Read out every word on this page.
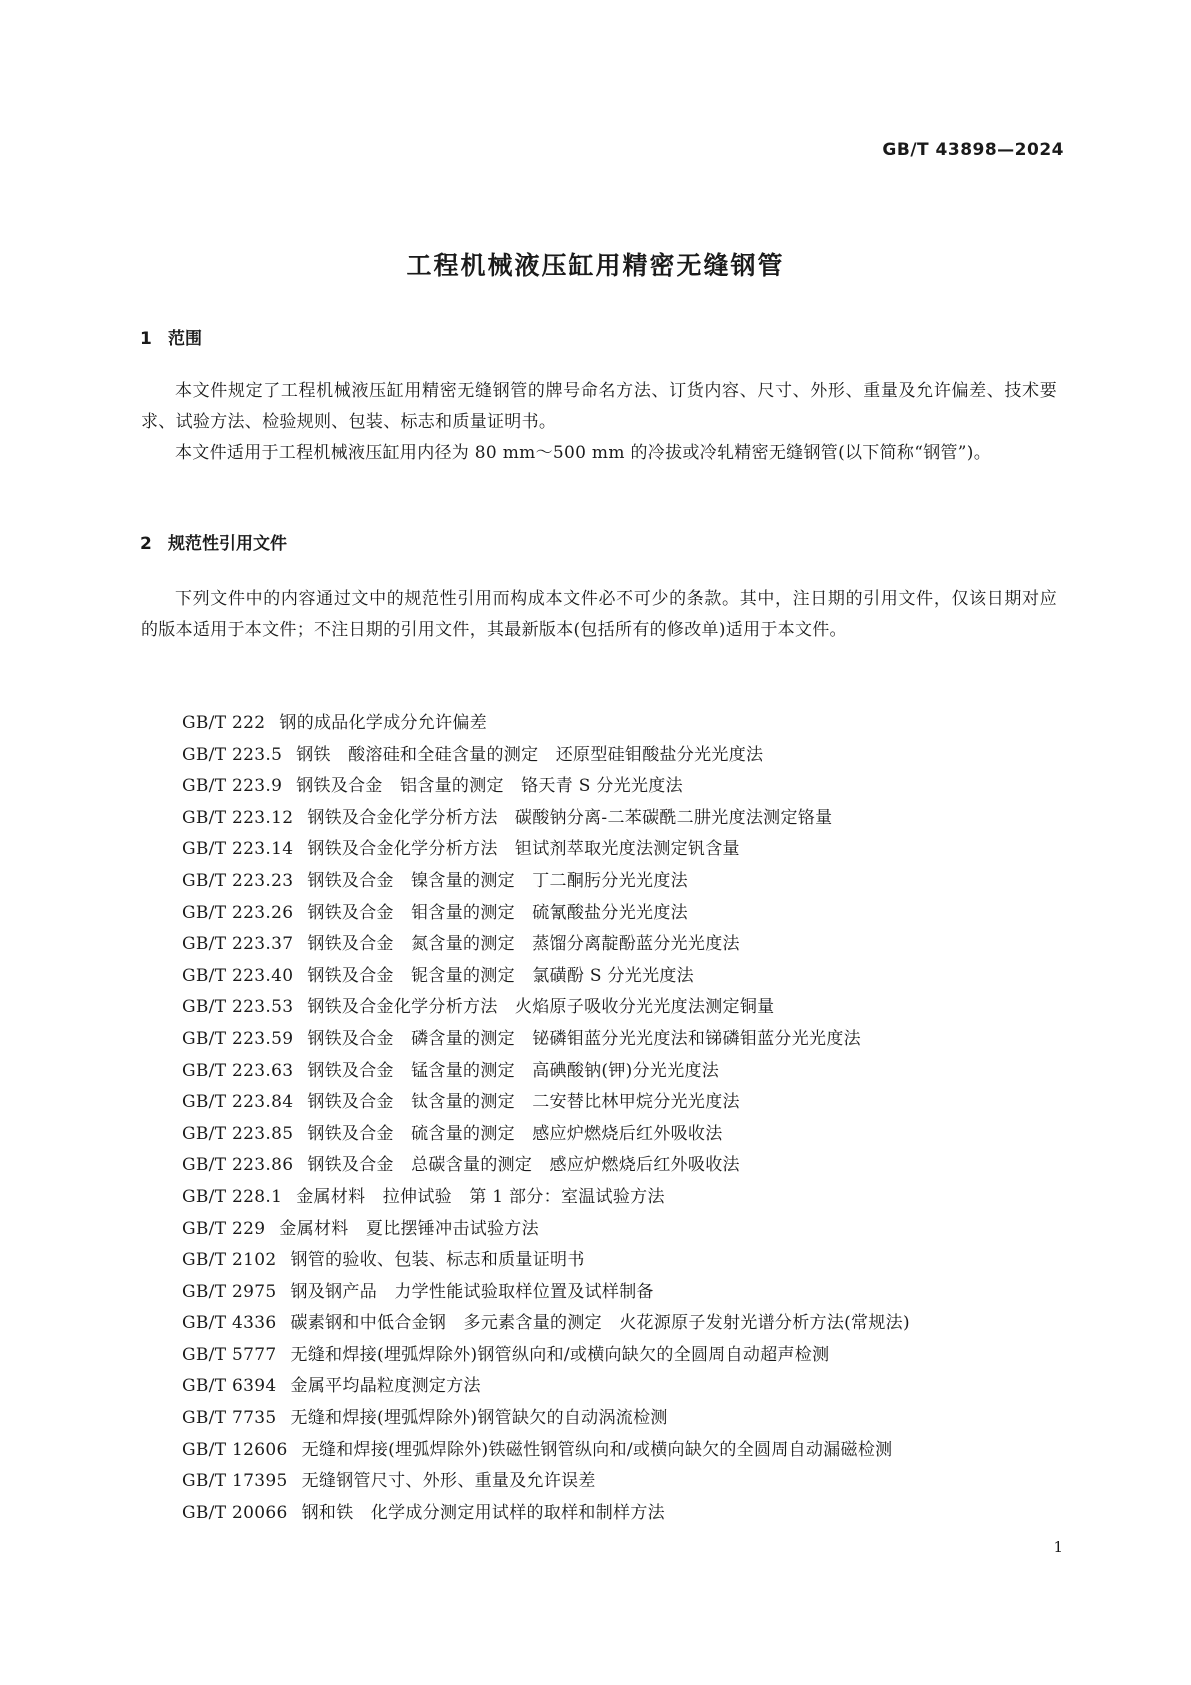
GB/T 43898—2024
工程机械液压缸用精密无缝钢管
1 范围

本文件规定了工程机械液压缸用精密无缝钢管的牌号命名方法、订货内容、尺寸、外形、重量及允许偏差、技术要求、试验方法、检验规则、包装、标志和质量证明书。

本文件适用于工程机械液压缸用内径为 80 mm～500 mm 的冷拔或冷轧精密无缝钢管(以下简称“钢管”)。

2 规范性引用文件

下列文件中的内容通过文中的规范性引用而构成本文件必不可少的条款。其中，注日期的引用文件，仅该日期对应的版本适用于本文件；不注日期的引用文件，其最新版本(包括所有的修改单)适用于本文件。

GB/T 222 钢的成品化学成分允许偏差
GB/T 223.5 钢铁　酸溶硅和全硅含量的测定　还原型硅钼酸盐分光光度法
GB/T 223.9 钢铁及合金　铝含量的测定　铬天青 S 分光光度法
GB/T 223.12 钢铁及合金化学分析方法　碳酸钠分离-二苯碳酰二肼光度法测定铬量
GB/T 223.14 钢铁及合金化学分析方法　钽试剂萃取光度法测定钒含量
GB/T 223.23 钢铁及合金　镍含量的测定　丁二酮肟分光光度法
GB/T 223.26 钢铁及合金　钼含量的测定　硫氰酸盐分光光度法
GB/T 223.37 钢铁及合金　氮含量的测定　蒸馏分离靛酚蓝分光光度法
GB/T 223.40 钢铁及合金　铌含量的测定　氯磺酚 S 分光光度法
GB/T 223.53 钢铁及合金化学分析方法　火焰原子吸收分光光度法测定铜量
GB/T 223.59 钢铁及合金　磷含量的测定　铋磷钼蓝分光光度法和锑磷钼蓝分光光度法
GB/T 223.63 钢铁及合金　锰含量的测定　高碘酸钠(钾)分光光度法
GB/T 223.84 钢铁及合金　钛含量的测定　二安替比林甲烷分光光度法
GB/T 223.85 钢铁及合金　硫含量的测定　感应炉燃烧后红外吸收法
GB/T 223.86 钢铁及合金　总碳含量的测定　感应炉燃烧后红外吸收法
GB/T 228.1 金属材料　拉伸试验　第 1 部分：室温试验方法
GB/T 229 金属材料　夏比摆锤冲击试验方法
GB/T 2102 钢管的验收、包装、标志和质量证明书
GB/T 2975 钢及钢产品　力学性能试验取样位置及试样制备
GB/T 4336 碳素钢和中低合金钢　多元素含量的测定　火花源原子发射光谱分析方法(常规法)
GB/T 5777 无缝和焊接(埋弧焊除外)钢管纵向和/或横向缺欠的全圆周自动超声检测
GB/T 6394 金属平均晶粒度测定方法
GB/T 7735 无缝和焊接(埋弧焊除外)钢管缺欠的自动涡流检测
GB/T 12606 无缝和焊接(埋弧焊除外)铁磁性钢管纵向和/或横向缺欠的全圆周自动漏磁检测
GB/T 17395 无缝钢管尺寸、外形、重量及允许误差
GB/T 20066 钢和铁　化学成分测定用试样的取样和制样方法
1
